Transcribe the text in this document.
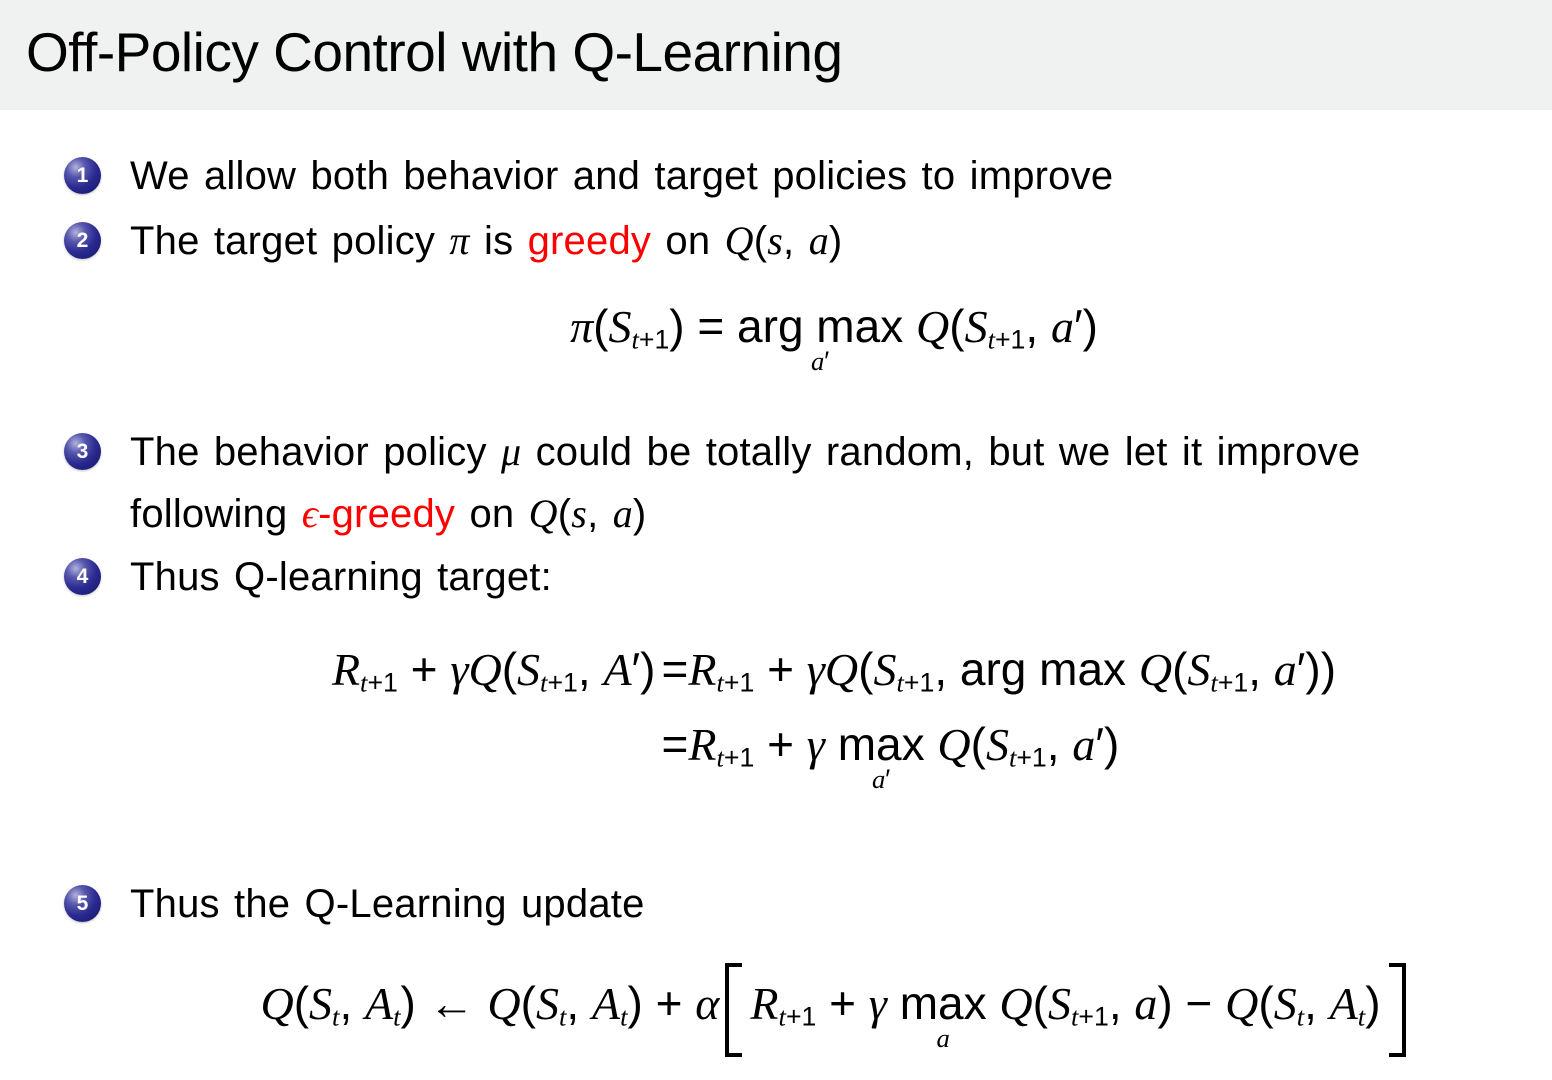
Off-Policy Control with Q-Learning
1 We allow both behavior and target policies to improve
2 The target policy π is greedy on Q(s, a)
$\pi(S_{t+1})$ = arg max
a′
$Q(S_{t+1}$, a′)
3 The behavior policy μ could be totally random, but we let it improve
following ϵ-greedy on Q(s, a)
4 Thus Q-learning target:
$R_{t+1} + \gamma Q(S_{t+1}$, $A') =R_{t+1} + \gamma Q(S_{t+1}$, arg $\max Q(S_{t+1}$, a′))
$=R_{t+1} + \gamma$ max
a′
$Q(S_{t+1}$, a′)
5 Thus the Q-Learning update
$Q(S_t$, $A_t$) ← $Q(S_t$, $A_t) + \alpha$ $R_{t+1} + \gamma$ max
a
$Q(S_{t+1}$, $a) - Q(S_t$, $A_t$)
